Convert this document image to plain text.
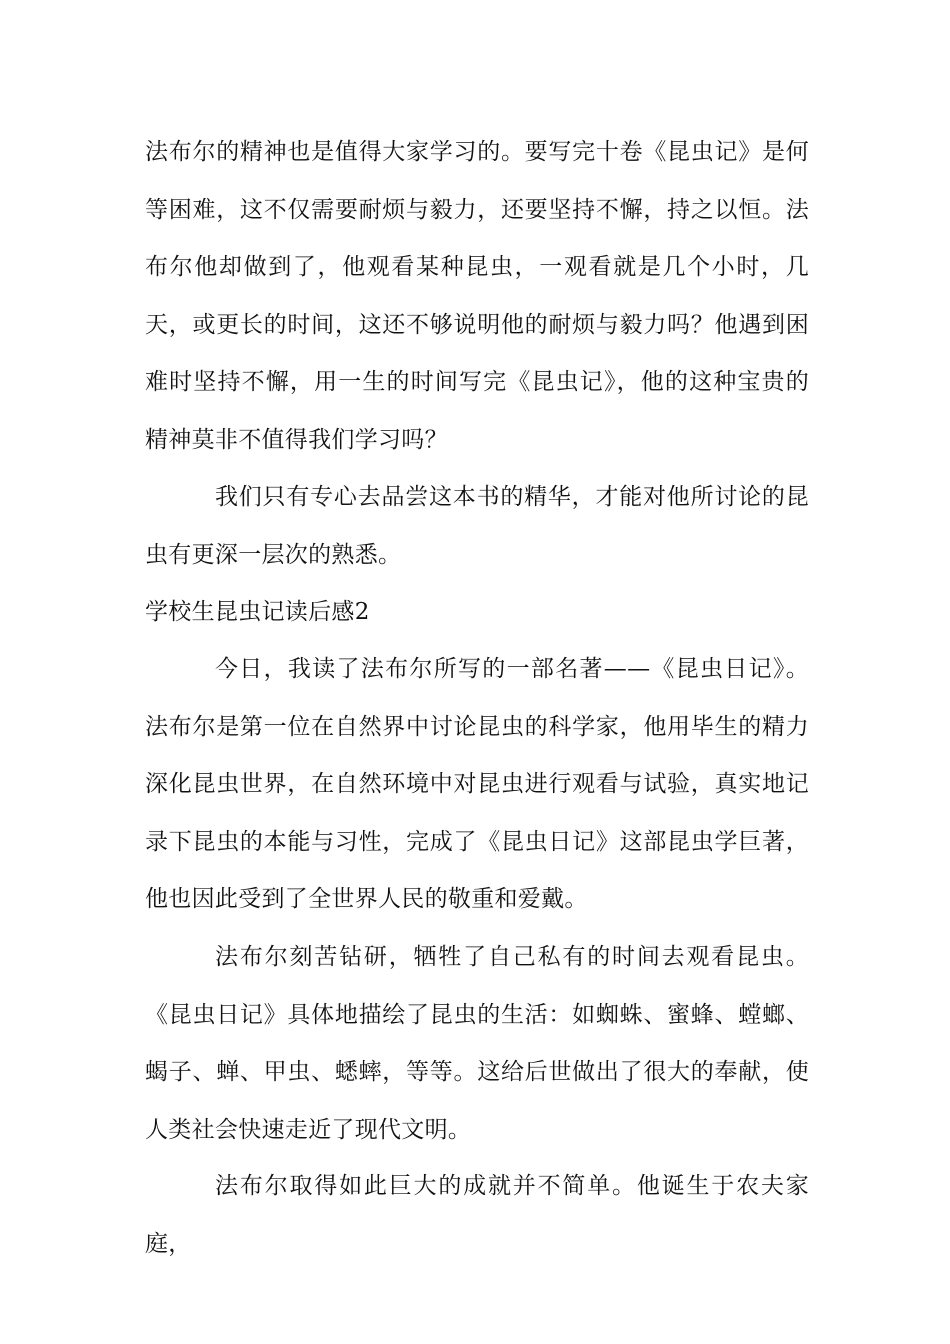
法布尔的精神也是值得大家学习的。要写完十卷《昆虫记》是何等困难，这不仅需要耐烦与毅力，还要坚持不懈，持之以恒。法布尔他却做到了，他观看某种昆虫，一观看就是几个小时，几天，或更长的时间，这还不够说明他的耐烦与毅力吗？他遇到困难时坚持不懈，用一生的时间写完《昆虫记》，他的这种宝贵的精神莫非不值得我们学习吗？

我们只有专心去品尝这本书的精华，才能对他所讨论的昆虫有更深一层次的熟悉。

学校生昆虫记读后感2

今日，我读了法布尔所写的一部名著——《昆虫日记》。法布尔是第一位在自然界中讨论昆虫的科学家，他用毕生的精力深化昆虫世界，在自然环境中对昆虫进行观看与试验，真实地记录下昆虫的本能与习性，完成了《昆虫日记》这部昆虫学巨著，他也因此受到了全世界人民的敬重和爱戴。

法布尔刻苦钻研，牺牲了自己私有的时间去观看昆虫。《昆虫日记》具体地描绘了昆虫的生活：如蜘蛛、蜜蜂、螳螂、蝎子、蝉、甲虫、蟋蟀，等等。这给后世做出了很大的奉献，使人类社会快速走近了现代文明。

法布尔取得如此巨大的成就并不简单。他诞生于农夫家庭，
